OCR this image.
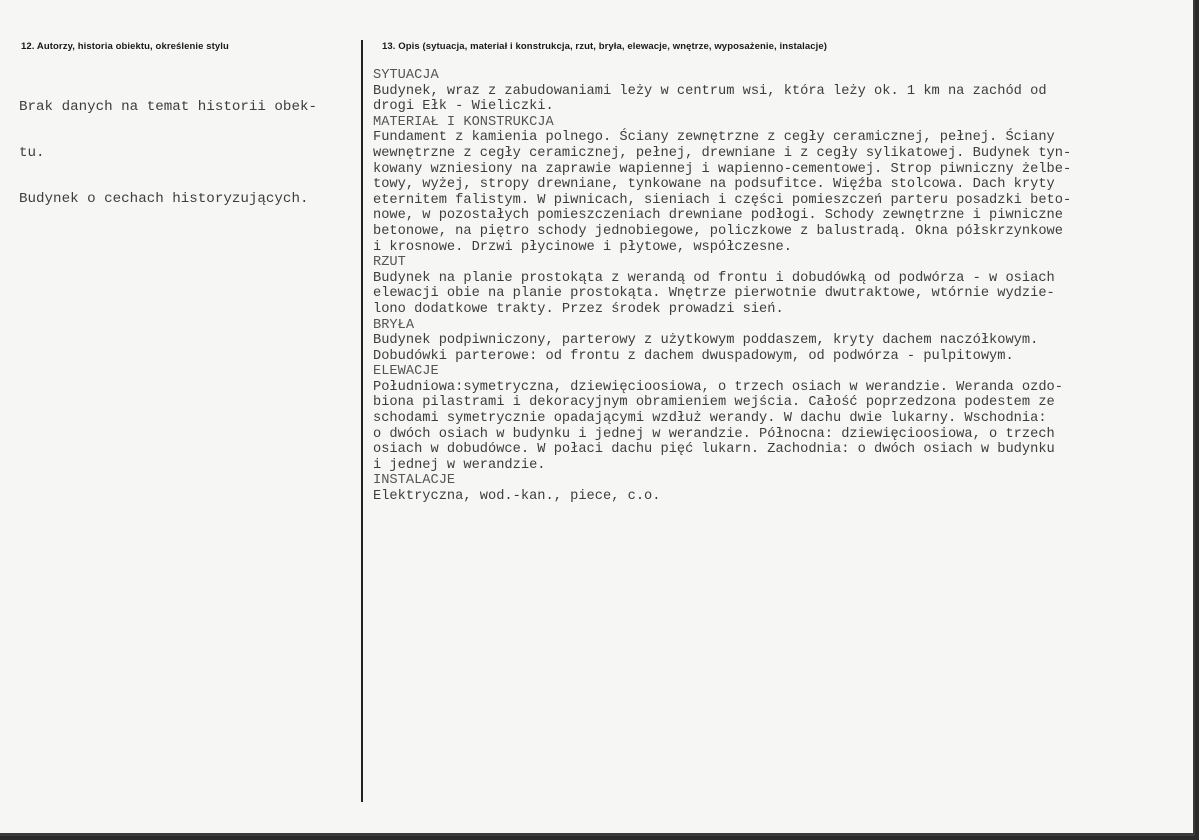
12. Autorzy, historia obiektu, określenie stylu	13. Opis (sytuacja, materiał i konstrukcja, rzut, bryła, elewacje, wnętrze, wyposażenie, instalacje)

Brak danych na temat historii obek-

tu.

Budynek o cechach historyzujących.

SYTUACJA
Budynek, wraz z zabudowaniami leży w centrum wsi, która leży ok. 1 km na zachód od
drogi Ełk - Wieliczki.
MATERIAŁ I KONSTRUKCJA
Fundament z kamienia polnego. Ściany zewnętrzne z cegły ceramicznej, pełnej. Ściany
wewnętrzne z cegły ceramicznej, pełnej, drewniane i z cegły sylikatowej. Budynek tyn-
kowany wzniesiony na zaprawie wapiennej i wapienno-cementowej. Strop piwniczny żelbe-
towy, wyżej, stropy drewniane, tynkowane na podsufitce. Więźba stolcowa. Dach kryty
eternitem falistym. W piwnicach, sieniach i części pomieszczeń parteru posadzki beto-
nowe, w pozostałych pomieszczeniach drewniane podłogi. Schody zewnętrzne i piwniczne
betonowe, na piętro schody jednobiegowe, policzkowe z balustradą. Okna półskrzynkowe
i krosnowe. Drzwi płycinowe i płytowe, współczesne.
RZUT
Budynek na planie prostokąta z werandą od frontu i dobudówką od podwórza - w osiach
elewacji obie na planie prostokąta. Wnętrze pierwotnie dwutraktowe, wtórnie wydzie-
lono dodatkowe trakty. Przez środek prowadzi sień.
BRYŁA
Budynek podpiwniczony, parterowy z użytkowym poddaszem, kryty dachem naczółkowym.
Dobudówki parterowe: od frontu z dachem dwuspadowym, od podwórza - pulpitowym.
ELEWACJE
Południowa:symetryczna, dziewięcioosiowa, o trzech osiach w werandzie. Weranda ozdo-
biona pilastrami i dekoracyjnym obramieniem wejścia. Całość poprzedzona podestem ze
schodami symetrycznie opadającymi wzdłuż werandy. W dachu dwie lukarny. Wschodnia:
o dwóch osiach w budynku i jednej w werandzie. Północna: dziewięcioosiowa, o trzech
osiach w dobudówce. W połaci dachu pięć lukarn. Zachodnia: o dwóch osiach w budynku
i jednej w werandzie.
INSTALACJE
Elektryczna, wod.-kan., piece, c.o.
